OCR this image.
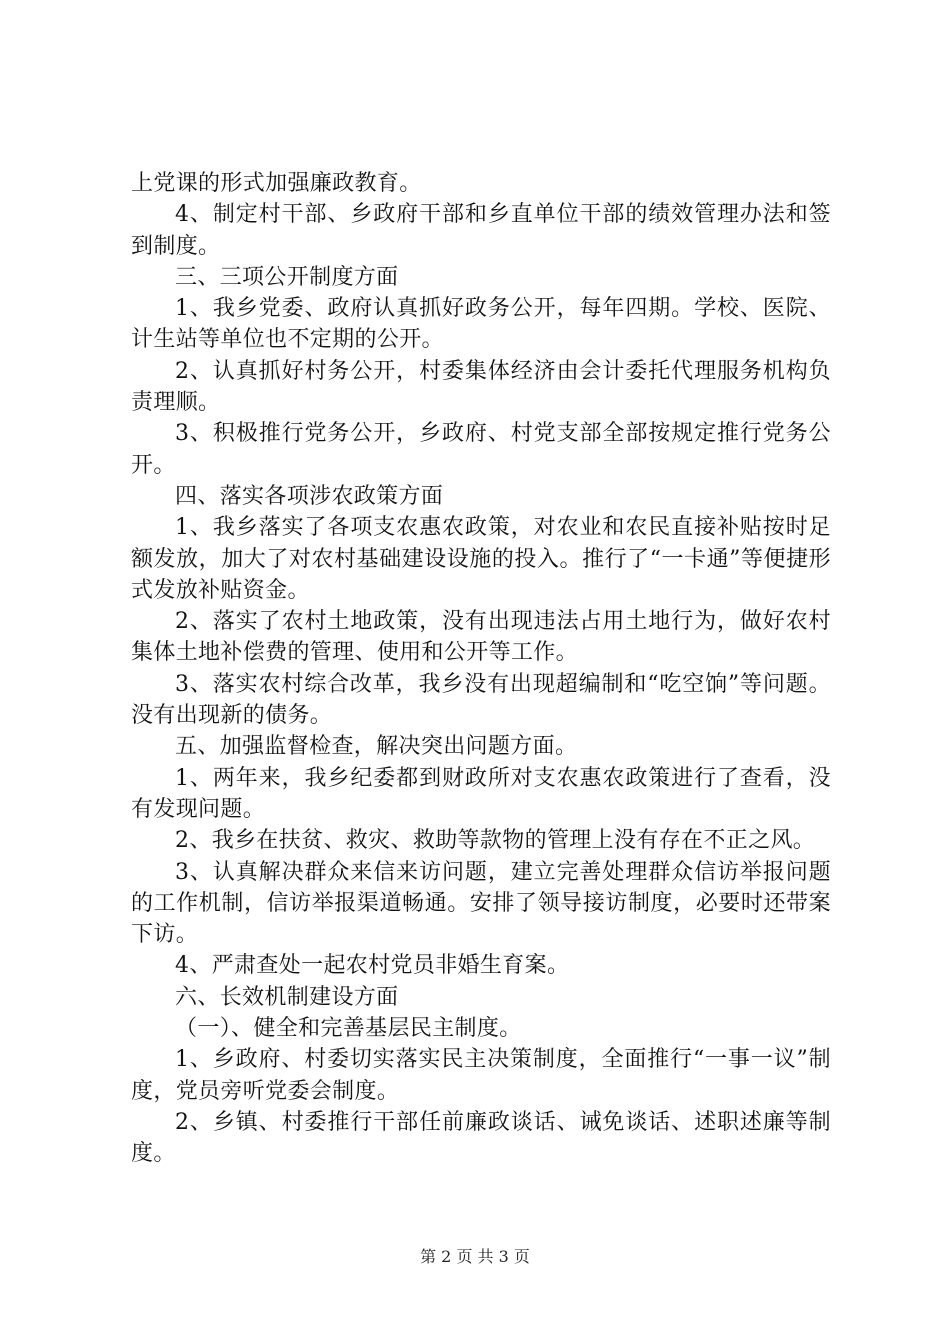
上党课的形式加强廉政教育。

4、制定村干部、乡政府干部和乡直单位干部的绩效管理办法和签到制度。

三、三项公开制度方面

1、我乡党委、政府认真抓好政务公开，每年四期。学校、医院、计生站等单位也不定期的公开。

2、认真抓好村务公开，村委集体经济由会计委托代理服务机构负责理顺。

3、积极推行党务公开，乡政府、村党支部全部按规定推行党务公开。

四、落实各项涉农政策方面

1、我乡落实了各项支农惠农政策，对农业和农民直接补贴按时足额发放，加大了对农村基础建设设施的投入。推行了“一卡通”等便捷形式发放补贴资金。

2、落实了农村土地政策，没有出现违法占用土地行为，做好农村集体土地补偿费的管理、使用和公开等工作。

3、落实农村综合改革，我乡没有出现超编制和“吃空饷”等问题。没有出现新的债务。

五、加强监督检查，解决突出问题方面。

1、两年来，我乡纪委都到财政所对支农惠农政策进行了查看，没有发现问题。

2、我乡在扶贫、救灾、救助等款物的管理上没有存在不正之风。

3、认真解决群众来信来访问题，建立完善处理群众信访举报问题的工作机制，信访举报渠道畅通。安排了领导接访制度，必要时还带案下访。

4、严肃查处一起农村党员非婚生育案。

六、长效机制建设方面

（一）、健全和完善基层民主制度。

1、乡政府、村委切实落实民主决策制度，全面推行“一事一议”制度，党员旁听党委会制度。

2、乡镇、村委推行干部任前廉政谈话、诫免谈话、述职述廉等制度。

第 2 页 共 3 页
